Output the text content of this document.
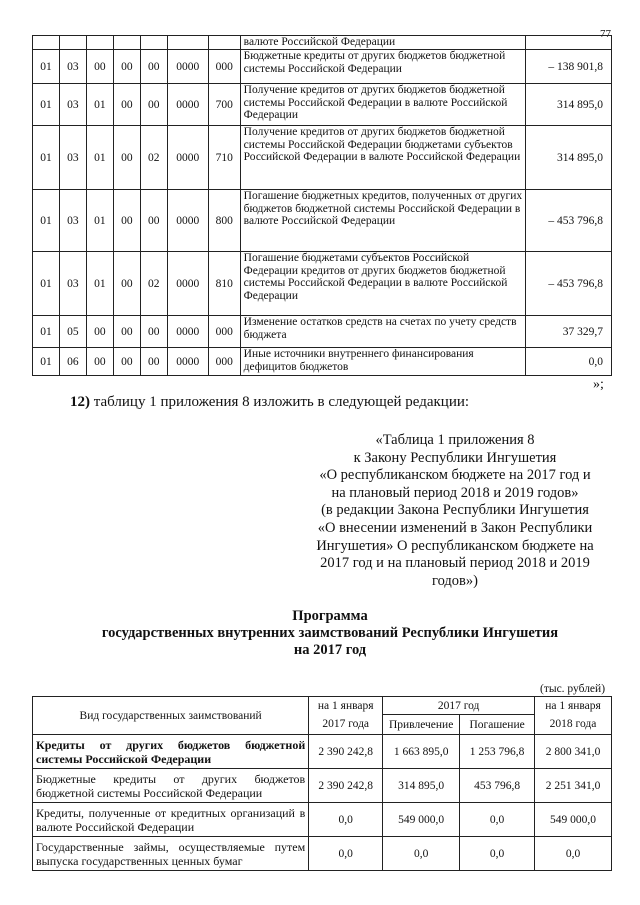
77
							валюте Российской Федерации	
01	03	00	00	00	0000	000	Бюджетные кредиты от других бюджетов бюджетной системы Российской Федерации	– 138 901,8
01	03	01	00	00	0000	700	Получение кредитов от других бюджетов бюджетной системы Российской Федерации в валюте Российской Федерации	314 895,0
01	03	01	00	02	0000	710	Получение кредитов от других бюджетов бюджетной системы Российской Федерации бюджетами субъектов Российской Федерации в валюте Российской Федерации	314 895,0
01	03	01	00	00	0000	800	Погашение бюджетных кредитов, полученных от других бюджетов бюджетной системы Российской Федерации в валюте Российской Федерации	– 453 796,8
01	03	01	00	02	0000	810	Погашение бюджетами субъектов Российской Федерации кредитов от других бюджетов бюджетной системы Российской Федерации в валюте Российской Федерации	– 453 796,8
01	05	00	00	00	0000	000	Изменение остатков средств на счетах по учету средств бюджета	37 329,7
01	06	00	00	00	0000	000	Иные источники внутреннего финансирования дефицитов бюджетов	0,0
»;
12) таблицу 1 приложения 8 изложить в следующей редакции:
«Таблица 1 приложения 8
к Закону Республики Ингушетия
«О республиканском бюджете на 2017 год и
на плановый период 2018 и 2019 годов»
(в редакции Закона Республики Ингушетия
«О внесении изменений в Закон Республики
Ингушетия» О республиканском бюджете на
2017 год и на плановый период 2018 и 2019
годов»)
Программа
государственных внутренних заимствований Республики Ингушетия
на 2017 год
(тыс. рублей)
Вид государственных заимствований	на 1 января	2017 год		на 1 января
	2017 года	Привлечение	Погашение	2018 года
Кредиты от других бюджетов бюджетной системы Российской Федерации	2 390 242,8	1 663 895,0	1 253 796,8	2 800 341,0
Бюджетные кредиты от других бюджетов бюджетной системы Российской Федерации	2 390 242,8	314 895,0	453 796,8	2 251 341,0
Кредиты, полученные от кредитных организаций в валюте Российской Федерации	0,0	549 000,0	0,0	549 000,0
Государственные займы, осуществляемые путем выпуска государственных ценных бумаг	0,0	0,0	0,0	0,0
